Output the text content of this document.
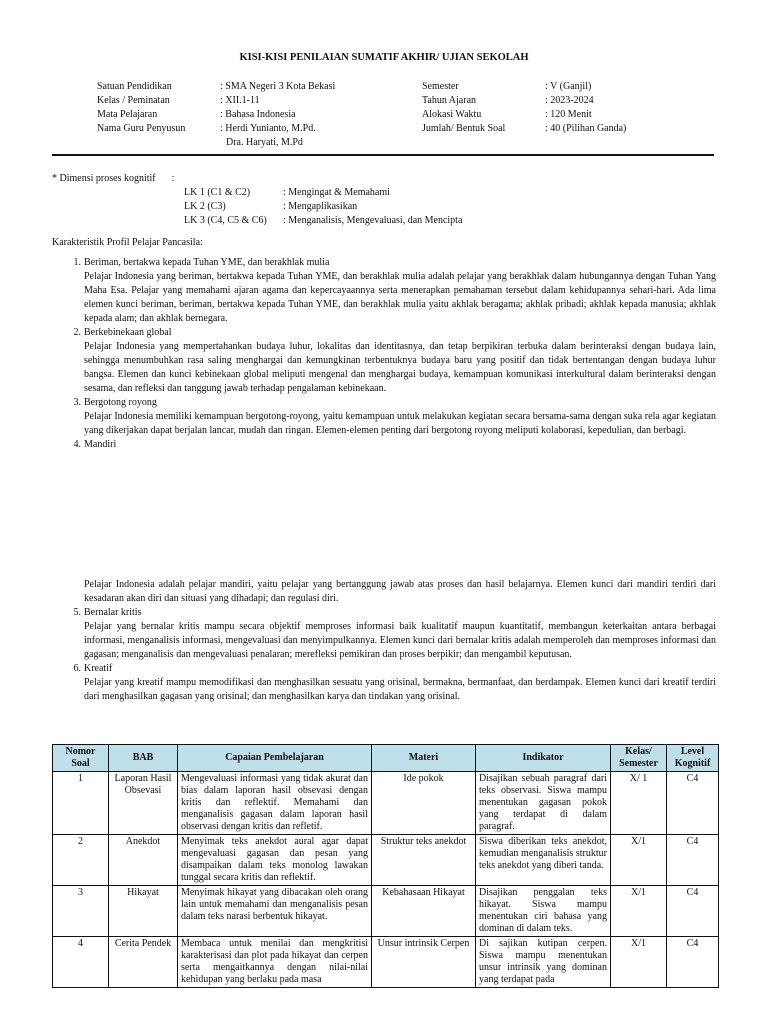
KISI-KISI PENILAIAN SUMATIF AKHIR/ UJIAN SEKOLAH
Satuan Pendidikan	: SMA Negeri 3 Kota Bekasi	Semester	: V (Ganjil)
Kelas / Peminatan	: XII.1-11	Tahun Ajaran	: 2023-2024
Mata Pelajaran	: Bahasa Indonesia	Alokasi Waktu	: 120 Menit
Nama Guru Penyusun	: Herdi Yunianto, M.Pd.	Jumlah/ Bentuk Soal	: 40 (Pilihan Ganda)
Dra. Haryati, M.Pd
* Dimensi proses kognitif :
LK 1 (C1 & C2)	: Mengingat & Memahami
LK 2 (C3)	: Mengaplikasikan
LK 3 (C4, C5 & C6)	: Menganalisis, Mengevaluasi, dan Mencipta
Karakteristik Profil Pelajar Pancasila:
1. Beriman, bertakwa kepada Tuhan YME, dan berakhlak mulia
Pelajar Indonesia yang beriman, bertakwa kepada Tuhan YME, dan berakhlak mulia adalah pelajar yang berakhlak dalam hubungannya dengan Tuhan Yang Maha Esa. Pelajar yang memahami ajaran agama dan kepercayaannya serta menerapkan pemahaman tersebut dalam kehidupannya sehari-hari. Ada lima elemen kunci beriman, beriman, bertakwa kepada Tuhan YME, dan berakhlak mulia yaitu akhlak beragama; akhlak pribadi; akhlak kepada manusia; akhlak kepada alam; dan akhlak bernegara.
2. Berkebinekaan global
Pelajar Indonesia yang mempertahankan budaya luhur, lokalitas dan identitasnya, dan tetap berpikiran terbuka dalam berinteraksi dengan budaya lain, sehingga menumbuhkan rasa saling menghargai dan kemungkinan terbentuknya budaya baru yang positif dan tidak bertentangan dengan budaya luhur bangsa. Elemen dan kunci kebinekaan global meliputi mengenal dan menghargai budaya, kemampuan komunikasi interkultural dalam berinteraksi dengan sesama, dan refleksi dan tanggung jawab terhadap pengalaman kebinekaan.
3. Bergotong royong
Pelajar Indonesia memiliki kemampuan bergotong-royong, yaitu kemampuan untuk melakukan kegiatan secara bersama-sama dengan suka rela agar kegiatan yang dikerjakan dapat berjalan lancar, mudah dan ringan. Elemen-elemen penting dari bergotong royong meliputi kolaborasi, kepedulian, dan berbagi.
4. Mandiri
Pelajar Indonesia adalah pelajar mandiri, yaitu pelajar yang bertanggung jawab atas proses dan hasil belajarnya. Elemen kunci dari mandiri terdiri dari kesadaran akan diri dan situasi yang dihadapi; dan regulasi diri.
5. Bernalar kritis
Pelajar yang bernalar kritis mampu secara objektif memproses informasi baik kualitatif maupun kuantitatif, membangun keterkaitan antara berbagai informasi, menganalisis informasi, mengevaluasi dan menyimpulkannya. Elemen kunci dari bernalar kritis adalah memperoleh dan memproses informasi dan gagasan; menganalisis dan mengevaluasi penalaran; merefleksi pemikiran dan proses berpikir; dan mengambil keputusan.
6. Kreatif
Pelajar yang kreatif mampu memodifikasi dan menghasilkan sesuatu yang orisinal, bermakna, bermanfaat, dan berdampak. Elemen kunci dari kreatif terdiri dari menghasilkan gagasan yang orisinal; dan menghasilkan karya dan tindakan yang orisinal.
Nomor Soal	BAB	Capaian Pembelajaran	Materi	Indikator	Kelas/ Semester	Level Kognitif
1	Laporan Hasil Obsevasi	Mengevaluasi informasi yang tidak akurat dan bias dalam laporan hasil obsevasi dengan kritis dan reflektif. Memahami dan menganalisis gagasan dalam laporan hasil observasi dengan kritis dan refletif.	Ide pokok	Disajikan sebuah paragraf dari teks observasi. Siswa mampu menentukan gagasan pokok yang terdapat di dalam paragraf.	X/ 1	C4
2	Anekdot	Menyimak teks anekdot aural agar dapat mengevaluasi gagasan dan pesan yang disampaikan dalam teks monolog lawakan tunggal secara kritis dan reflektif.	Struktur teks anekdot	Siswa diberikan teks anekdot, kemudian menganalisis struktur teks anekdot yang diberi tanda.	X/1	C4
3	Hikayat	Menyimak hikayat yang dibacakan oleh orang lain untuk memahami dan menganalisis pesan dalam teks narasi berbentuk hikayat.	Kebahasaan Hikayat	Disajikan penggalan teks hikayat. Siswa mampu menentukan ciri bahasa yang dominan di dalam teks.	X/1	C4
4	Cerita Pendek	Membaca untuk menilai dan mengkritisi karakterisasi dan plot pada hikayat dan cerpen serta mengaitkannya dengan nilai-nilai kehidupan yang berlaku pada masa	Unsur intrinsik Cerpen	Di sajikan kutipan cerpen. Siswa mampu menentukan unsur intrinsik yang dominan yang terdapat pada	X/1	C4
